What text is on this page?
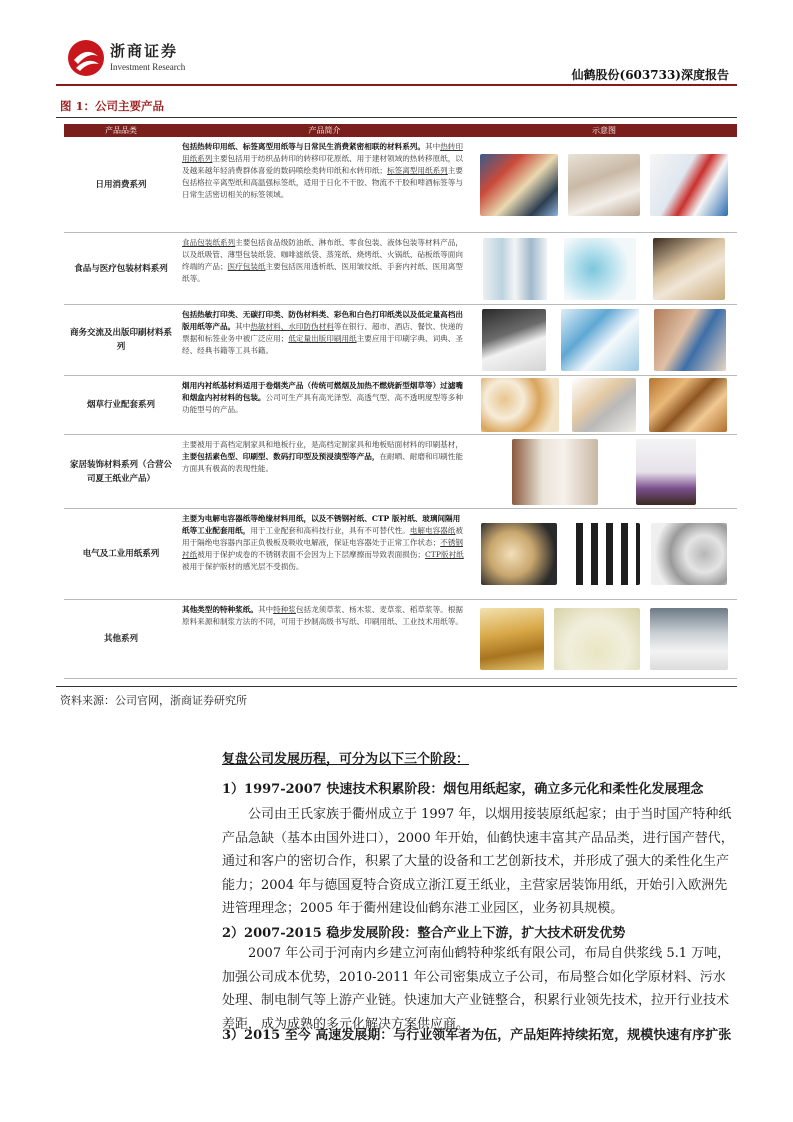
浙商证券
Investment Research
仙鹤股份(603733)深度报告
图 1：公司主要产品
产品品类	产品简介	示意图
日用消费系列
包括热转印用纸、标签离型用纸等与日常民生消费紧密相联的材料系列。其中热转印用纸系列主要包括用于纺织品转印的转移印花原纸、用于建材领域的热转移原纸，以及越来越年轻消费群体喜爱的数码喷绘类转印纸和水转印纸；标签离型用纸系列主要包括格拉辛离型纸和高温强标签纸，适用于日化不干胶、物流不干胶和啤酒标签等与日常生活密切相关的标签领域。
食品与医疗包装材料系列
食品包装纸系列主要包括食品级防油纸、淋布纸、零食包装、液体包装等材料产品，以及纸吸管、薄型包装纸袋、咖啡滤纸袋、蒸笼纸、烧烤纸、火锅纸、砧板纸等面向终端的产品；医疗包装纸主要包括医用透析纸、医用皱纹纸、手套内衬纸、医用离型纸等。
商务交流及出版印刷材料系列
包括热敏打印类、无碳打印类、防伪材料类、彩色和白色打印纸类以及低定量高档出版用纸等产品。其中热敏材料、水印防伪材料等在银行、超市、酒店、餐饮、快递的票据和标签业务中被广泛应用；低定量出版印刷用纸主要应用于印刷字典、词典、圣经、经典书籍等工具书籍。
烟草行业配套系列
烟用内衬纸基材料适用于卷烟类产品（传统可燃烟及加热不燃烧新型烟草等）过滤嘴和烟盒内衬材料的包装。公司可生产具有高光泽型、高透气型、高不透明度型等多种功能型号的产品。
家居装饰材料系列（合营公司夏王纸业产品）
主要被用于高档定制家具和地板行业，是高档定制家具和地板贴面材料的印刷基材，主要包括素色型、印刷型、数码打印型及预浸渍型等产品，在耐晒、耐磨和印刷性能方面具有极高的表现性能。
电气及工业用纸系列
主要为电解电容器纸等绝缘材料用纸，以及不锈钢衬纸、CTP 版衬纸、玻璃间隔用纸等工业配套用纸，用于工业配套和高科技行业，具有不可替代性。电解电容器纸被用于隔绝电容器内部正负极板及吸收电解液，保证电容器处于正常工作状态；不锈钢衬纸被用于保护成卷的不锈钢表面不会因为上下层摩擦而导致表面损伤；CTP版衬纸被用于保护版材的感光层不受损伤。
其他系列
其他类型的特种浆纸。其中特种浆包括龙须草浆、杨木浆、麦草浆、稻草浆等。根据原料来源和制浆方法的不同，可用于抄制高级书写纸、印刷用纸、工业技术用纸等。
资料来源：公司官网，浙商证券研究所
复盘公司发展历程，可分为以下三个阶段：
1）1997-2007 快速技术积累阶段：烟包用纸起家，确立多元化和柔性化发展理念
公司由王氏家族于衢州成立于 1997 年，以烟用接装原纸起家；由于当时国产特种纸产品急缺（基本由国外进口），2000 年开始，仙鹤快速丰富其产品品类，进行国产替代，通过和客户的密切合作，积累了大量的设备和工艺创新技术，并形成了强大的柔性化生产能力；2004 年与德国夏特合资成立浙江夏王纸业，主营家居装饰用纸，开始引入欧洲先进管理理念；2005 年于衢州建设仙鹤东港工业园区，业务初具规模。
2）2007-2015 稳步发展阶段：整合产业上下游，扩大技术研发优势
2007 年公司于河南内乡建立河南仙鹤特种浆纸有限公司，布局自供浆线 5.1 万吨，加强公司成本优势，2010-2011 年公司密集成立子公司，布局整合如化学原材料、污水处理、制电制气等上游产业链。快速加大产业链整合，积累行业领先技术，拉开行业技术差距，成为成熟的多元化解决方案供应商。
3）2015 至今 高速发展期：与行业领军者为伍，产品矩阵持续拓宽，规模快速有序扩张
